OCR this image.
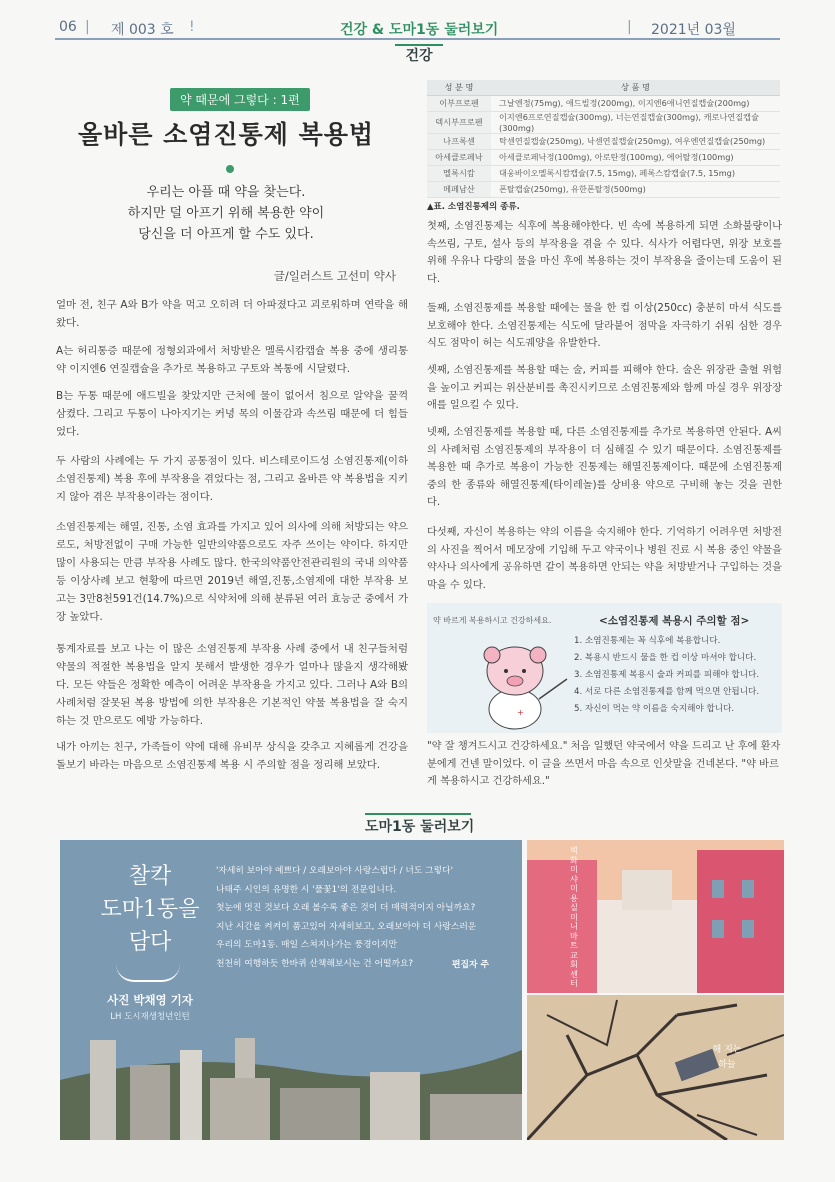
06 | 제 003 호 !	건강 & 도마1동 둘러보기	| 2021년 03월
건강
약 때문에 그렇다 : 1편
올바른 소염진통제 복용법
우리는 아플 때 약을 찾는다.
하지만 덜 아프기 위해 복용한 약이
당신을 더 아프게 할 수도 있다.
글/일러스트 고선미 약사
얼마 전, 친구 A와 B가 약을 먹고 오히려 더 아파졌다고 괴로워하며 연락을 해왔다.
A는 허리통증 때문에 정형외과에서 처방받은 멜록시캄캡슐 복용 중에 생리통 약 이지엔6 연질캡슐을 추가로 복용하고 구토와 복통에 시달렸다.
B는 두통 때문에 애드빌을 찾았지만 근처에 물이 없어서 침으로 알약을 꿀꺽 삼켰다. 그리고 두통이 나아지기는 커녕 목의 이물감과 속쓰림 때문에 더 힘들었다.
두 사람의 사례에는 두 가지 공통점이 있다. 비스테로이드성 소염진통제(이하 소염진통제) 복용 후에 부작용을 겪었다는 점, 그리고 올바른 약 복용법을 지키지 않아 겪은 부작용이라는 점이다.
소염진통제는 해열, 진통, 소염 효과를 가지고 있어 의사에 의해 처방되는 약으로도, 처방전없이 구매 가능한 일반의약품으로도 자주 쓰이는 약이다. 하지만 많이 사용되는 만큼 부작용 사례도 많다. 한국의약품안전관리원의 국내 의약품등 이상사례 보고 현황에 따르면 2019년 해열,진통,소염제에 대한 부작용 보고는 3만8천591건(14.7%)으로 식약처에 의해 분류된 여러 효능군 중에서 가장 높았다.
통계자료를 보고 나는 이 많은 소염진통제 부작용 사례 중에서 내 친구들처럼 약물의 적절한 복용법을 알지 못해서 발생한 경우가 얼마나 많을지 생각해봤다. 모든 약들은 정확한 예측이 어려운 부작용을 가지고 있다. 그러나 A와 B의 사례처럼 잘못된 복용 방법에 의한 부작용은 기본적인 약물 복용법을 잘 숙지하는 것 만으로도 예방 가능하다.
내가 아끼는 친구, 가족들이 약에 대해 유비무 상식을 갖추고 지혜롭게 건강을 돌보기 바라는 마음으로 소염진통제 복용 시 주의할 점을 정리해 보았다.
성 분 명	상 품 명
이부프로펜	그날엔정(75mg), 애드빌정(200mg), 이지엔6애니연질캡슐(200mg)
덱시부프로펜	이지엔6프로연질캡슐(300mg), 너는연질캡슐(300mg), 캐로나연질캡슐(300mg)
나프록센	탁센연질캡슐(250mg), 낙센연질캡슐(250mg), 여우엔연질캡슐(250mg)
아세클로페낙	아세클로페낙정(100mg), 아로탄정(100mg), 에어탈정(100mg)
멜록시캄	대웅바이오멜록시캄캡슐(7.5, 15mg), 페록스캄캡슐(7.5, 15mg)
메페남산	폰탈캡슐(250mg), 유한폰탈정(500mg)
▲표. 소염진통제의 종류.
첫째, 소염진통제는 식후에 복용해야한다. 빈 속에 복용하게 되면 소화불량이나 속쓰림, 구토, 설사 등의 부작용을 겪을 수 있다. 식사가 어렵다면, 위장 보호를 위해 우유나 다량의 물을 마신 후에 복용하는 것이 부작용을 줄이는데 도움이 된다.
둘째, 소염진통제를 복용할 때에는 물을 한 컵 이상(250cc) 충분히 마셔 식도를 보호해야 한다. 소염진통제는 식도에 달라붙어 점막을 자극하기 쉬워 심한 경우 식도 점막이 허는 식도궤양을 유발한다.
셋째, 소염진통제를 복용할 때는 술, 커피를 피해야 한다. 술은 위장관 출혈 위험을 높이고 커피는 위산분비를 촉진시키므로 소염진통제와 함께 마실 경우 위장장애를 일으킬 수 있다.
넷째, 소염진통제를 복용할 때, 다른 소염진통제를 추가로 복용하면 안된다. A씨의 사례처럼 소염진통제의 부작용이 더 심해질 수 있기 때문이다. 소염진통제를 복용한 때 추가로 복용이 가능한 진통제는 해열진통제이다. 때문에 소염진통제 중의 한 종류와 해열진통제(타이레놀)를 상비용 약으로 구비해 놓는 것을 권한다.
다섯째, 자신이 복용하는 약의 이름을 숙지해야 한다. 기억하기 어려우면 처방전의 사진을 찍어서 메모장에 기입해 두고 약국이나 병원 진료 시 복용 중인 약물을 약사나 의사에게 공유하면 같이 복용하면 안되는 약을 처방받거나 구입하는 것을 막을 수 있다.
약 바르게 복용하시고 건강하세요.
+
<소염진통제 복용시 주의할 점>
1. 소염진통제는 꼭 식후에 복용합니다.
2. 복용시 반드시 물을 한 컵 이상 마셔야 합니다.
3. 소염진통제 복용시 술과 커피를 피해야 합니다.
4. 서로 다른 소염진통제를 함께 먹으면 안됩니다.
5. 자신이 먹는 약 이름을 숙지해야 합니다.
"약 잘 챙겨드시고 건강하세요." 처음 일했던 약국에서 약을 드리고 난 후에 환자분에게 건넨 말이었다. 이 글을 쓰면서 마음 속으로 인삿말을 건네본다. "약 바르게 복용하시고 건강하세요."
도마1동 둘러보기
찰칵
도마1동을
담다
사진 박채영 기자
LH 도시재생청년인턴
'자세히 보아야 예쁘다 / 오래보아야 사랑스럽다 / 너도 그렇다'
나태주 시인의 유명한 시 '풀꽃1'의 전문입니다.
첫눈에 멋진 것보다 오래 볼수록 좋은 것이 더 매력적이지 아닐까요?
지난 시간을 켜켜이 품고있어 자세히보고, 오래보아야 더 사랑스러운
우리의 도마1동. 매일 스쳐지나가는 풍경이지만
천천히 여행하듯 한바퀴 산책해보시는 건 어떨까요?	편집자 주
벽화 미샤 미용실 미니 마트 교회 센터
해 지는 하늘
